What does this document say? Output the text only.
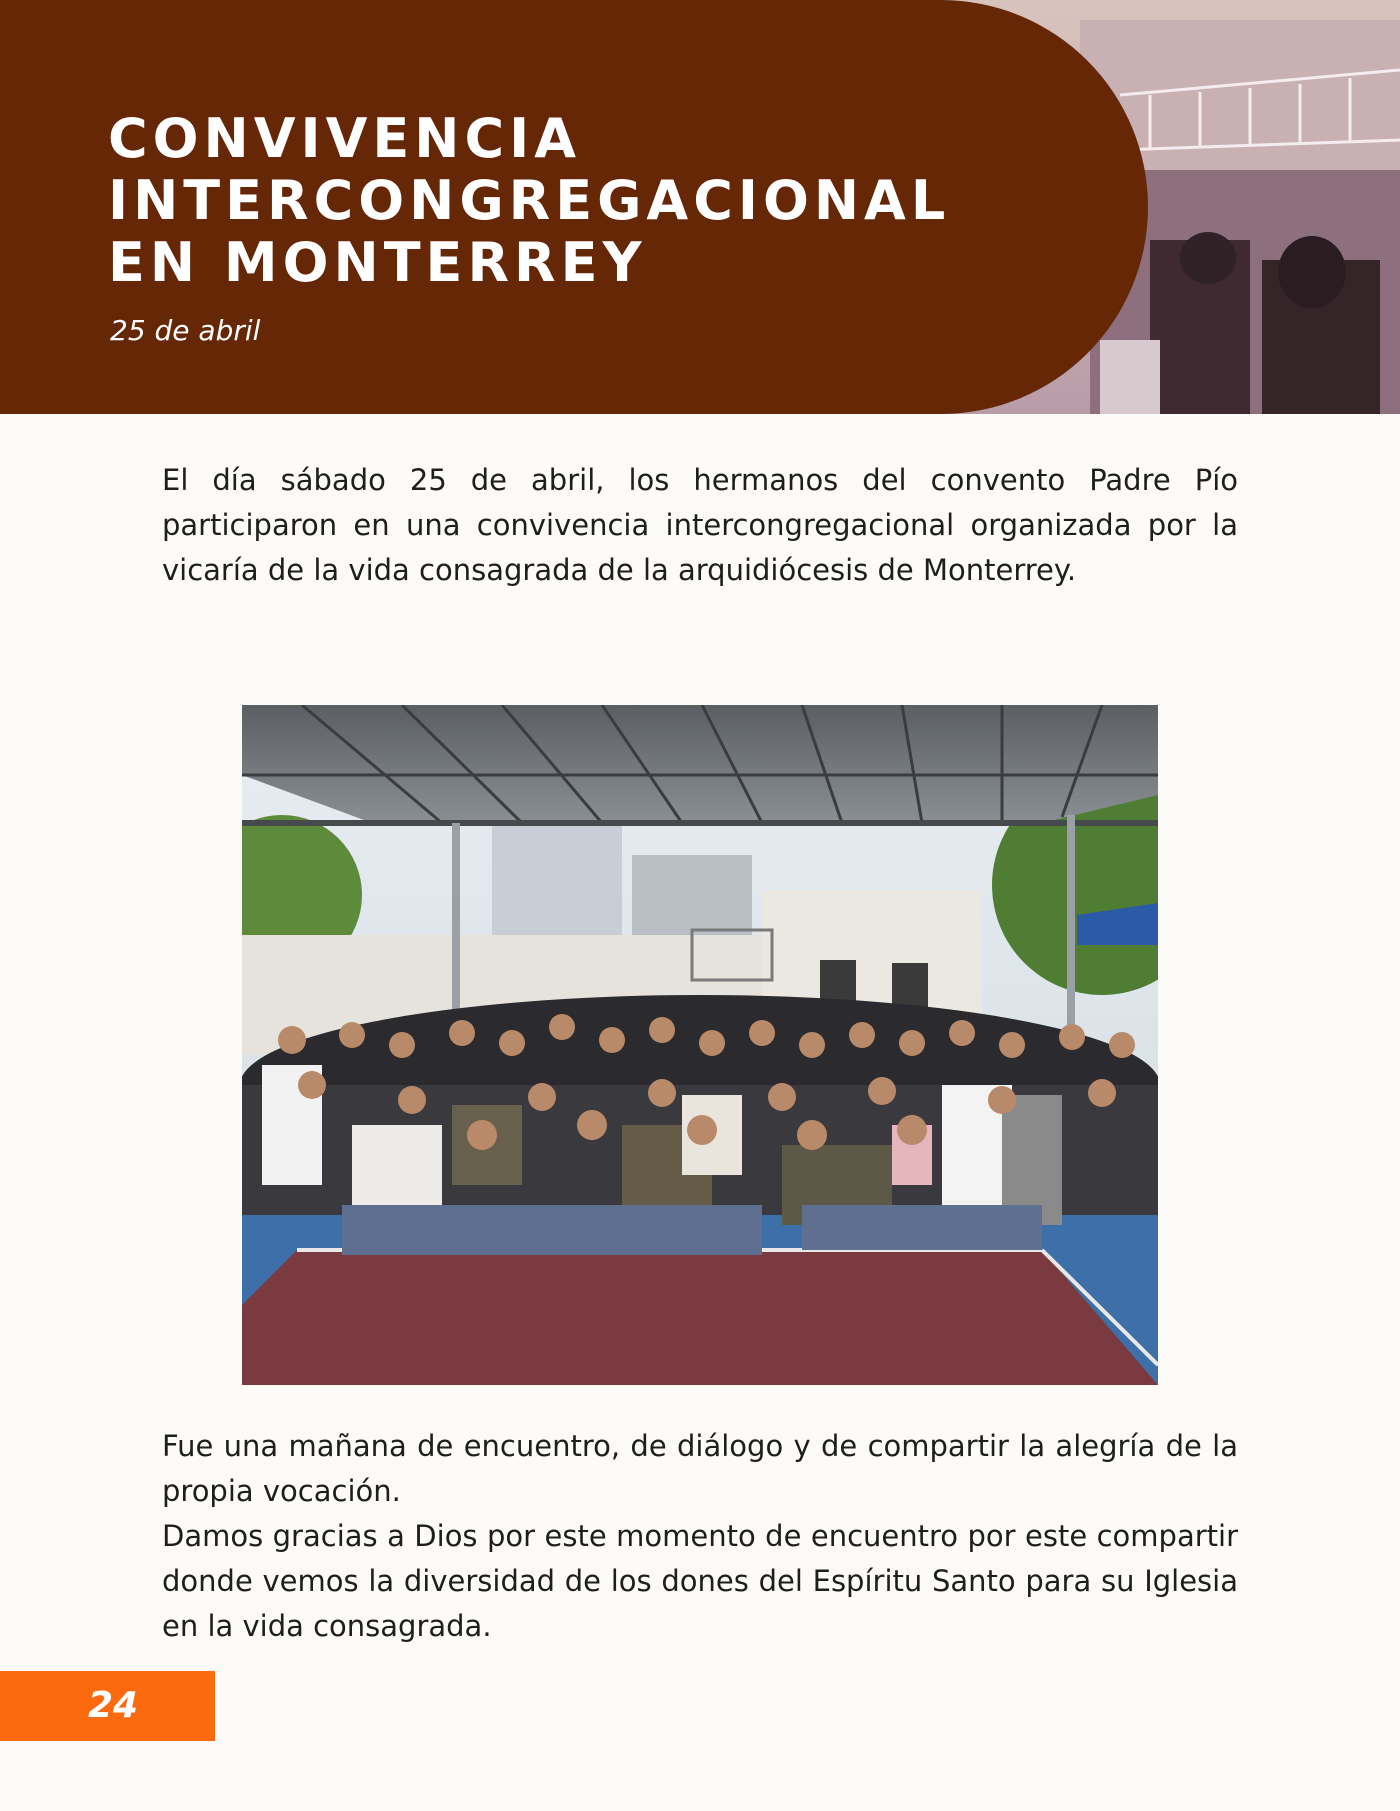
CONVIVENCIA
INTERCONGREGACIONAL
EN MONTERREY
25 de abril

El día sábado 25 de abril, los hermanos del convento Padre Pío participaron en una convivencia intercongregacional organizada por la vicaría de la vida consagrada de la arquidiócesis de Monterrey.

Fue una mañana de encuentro, de diálogo y de compartir la alegría de la propia vocación.
Damos gracias a Dios por este momento de encuentro por este compartir donde vemos la diversidad de los dones del Espíritu Santo para su Iglesia en la vida consagrada.
24
